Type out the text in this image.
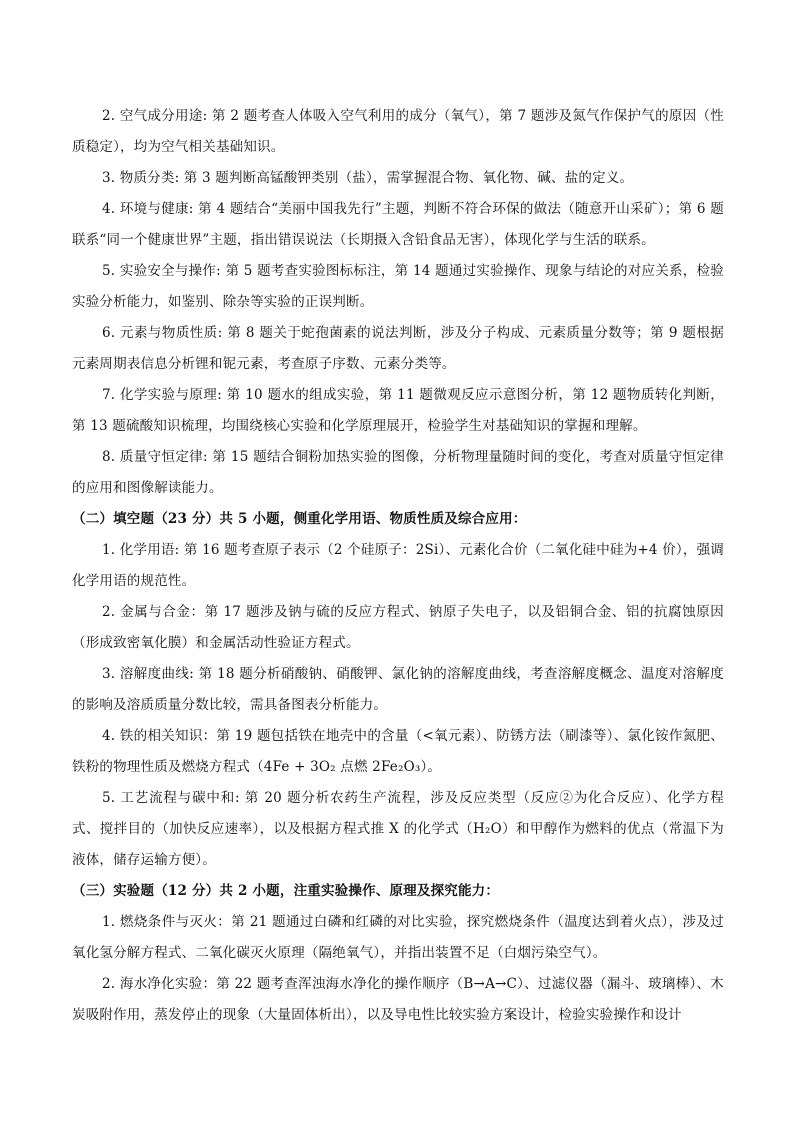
2. 空气成分用途: 第 2 题考查人体吸入空气利用的成分（氧气），第 7 题涉及氮气作保护气的原因（性质稳定），均为空气相关基础知识。

3. 物质分类: 第 3 题判断高锰酸钾类别（盐），需掌握混合物、氧化物、碱、盐的定义。

4. 环境与健康: 第 4 题结合“美丽中国我先行”主题，判断不符合环保的做法（随意开山采矿）；第 6 题联系“同一个健康世界”主题，指出错误说法（长期摄入含铅食品无害），体现化学与生活的联系。

5. 实验安全与操作: 第 5 题考查实验图标标注，第 14 题通过实验操作、现象与结论的对应关系，检验实验分析能力，如鉴别、除杂等实验的正误判断。

6. 元素与物质性质: 第 8 题关于蛇孢菌素的说法判断，涉及分子构成、元素质量分数等；第 9 题根据元素周期表信息分析锂和铌元素，考查原子序数、元素分类等。

7. 化学实验与原理: 第 10 题水的组成实验，第 11 题微观反应示意图分析，第 12 题物质转化判断，第 13 题硫酸知识梳理，均围绕核心实验和化学原理展开，检验学生对基础知识的掌握和理解。

8. 质量守恒定律: 第 15 题结合铜粉加热实验的图像，分析物理量随时间的变化，考查对质量守恒定律的应用和图像解读能力。

（二）填空题（23 分）共 5 小题，侧重化学用语、物质性质及综合应用：

1. 化学用语: 第 16 题考查原子表示（2 个硅原子：2Si）、元素化合价（二氧化硅中硅为+4 价），强调化学用语的规范性。

2. 金属与合金：第 17 题涉及钠与硫的反应方程式、钠原子失电子，以及铝铜合金、铝的抗腐蚀原因（形成致密氧化膜）和金属活动性验证方程式。

3. 溶解度曲线: 第 18 题分析硝酸钠、硝酸钾、氯化钠的溶解度曲线，考查溶解度概念、温度对溶解度的影响及溶质质量分数比较，需具备图表分析能力。

4. 铁的相关知识：第 19 题包括铁在地壳中的含量（<氧元素）、防锈方法（刷漆等）、氯化铵作氮肥、铁粉的物理性质及燃烧方程式（4Fe + 3O₂ 点燃 2Fe₂O₃）。

5. 工艺流程与碳中和: 第 20 题分析农药生产流程，涉及反应类型（反应②为化合反应）、化学方程式、搅拌目的（加快反应速率），以及根据方程式推 X 的化学式（H₂O）和甲醇作为燃料的优点（常温下为液体，储存运输方便）。

（三）实验题（12 分）共 2 小题，注重实验操作、原理及探究能力：

1. 燃烧条件与灭火：第 21 题通过白磷和红磷的对比实验，探究燃烧条件（温度达到着火点），涉及过氧化氢分解方程式、二氧化碳灭火原理（隔绝氧气），并指出装置不足（白烟污染空气）。

2. 海水净化实验：第 22 题考查浑浊海水净化的操作顺序（B→A→C）、过滤仪器（漏斗、玻璃棒）、木炭吸附作用，蒸发停止的现象（大量固体析出），以及导电性比较实验方案设计，检验实验操作和设计
